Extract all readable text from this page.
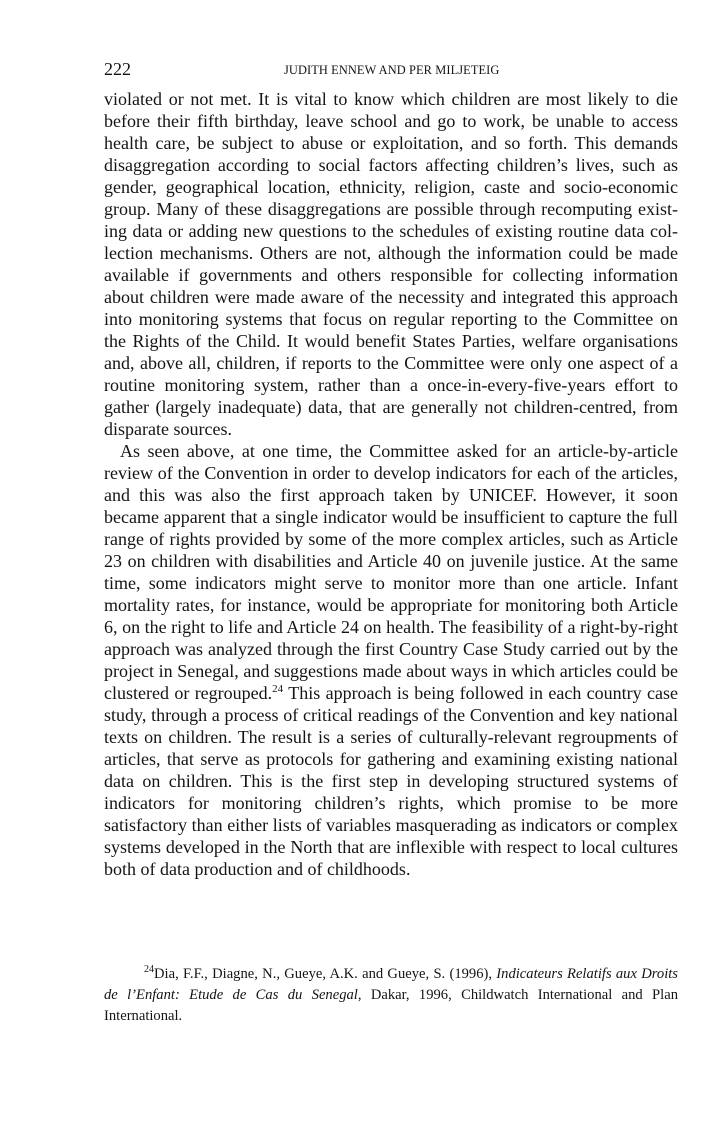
222	JUDITH ENNEW AND PER MILJETEIG

violated or not met. It is vital to know which children are most likely to die before their fifth birthday, leave school and go to work, be unable to access health care, be subject to abuse or exploitation, and so forth. This demands disaggregation according to social factors affecting children’s lives, such as gender, geographical location, ethnicity, religion, caste and socio-economic group. Many of these disaggregations are possible through recomputing existing data or adding new questions to the schedules of existing routine data collection mechanisms. Others are not, although the information could be made available if governments and others responsible for collecting information about children were made aware of the necessity and integrated this approach into monitoring systems that focus on regular reporting to the Committee on the Rights of the Child. It would benefit States Parties, welfare organisations and, above all, children, if reports to the Committee were only one aspect of a routine monitoring system, rather than a once-in-every-five-years effort to gather (largely inadequate) data, that are generally not children-centred, from disparate sources.

As seen above, at one time, the Committee asked for an article-by-article review of the Convention in order to develop indicators for each of the articles, and this was also the first approach taken by UNICEF. However, it soon became apparent that a single indicator would be insufficient to capture the full range of rights provided by some of the more complex articles, such as Article 23 on children with disabilities and Article 40 on juvenile justice. At the same time, some indicators might serve to monitor more than one article. Infant mortality rates, for instance, would be appropriate for monitoring both Article 6, on the right to life and Article 24 on health. The feasibility of a right-by-right approach was analyzed through the first Country Case Study carried out by the project in Senegal, and suggestions made about ways in which articles could be clustered or regrouped.$^{24}$ This approach is being followed in each country case study, through a process of critical readings of the Convention and key national texts on children. The result is a series of culturally-relevant regroupments of articles, that serve as protocols for gathering and examining existing national data on children. This is the first step in developing structured systems of indicators for monitoring children’s rights, which promise to be more satisfactory than either lists of variables masquerading as indicators or complex systems developed in the North that are inflexible with respect to local cultures both of data production and of childhoods.

$^{24}$Dia, F.F., Diagne, N., Gueye, A.K. and Gueye, S. (1996), Indicateurs Relatifs aux Droits de l’Enfant: Etude de Cas du Senegal, Dakar, 1996, Childwatch International and Plan International.
